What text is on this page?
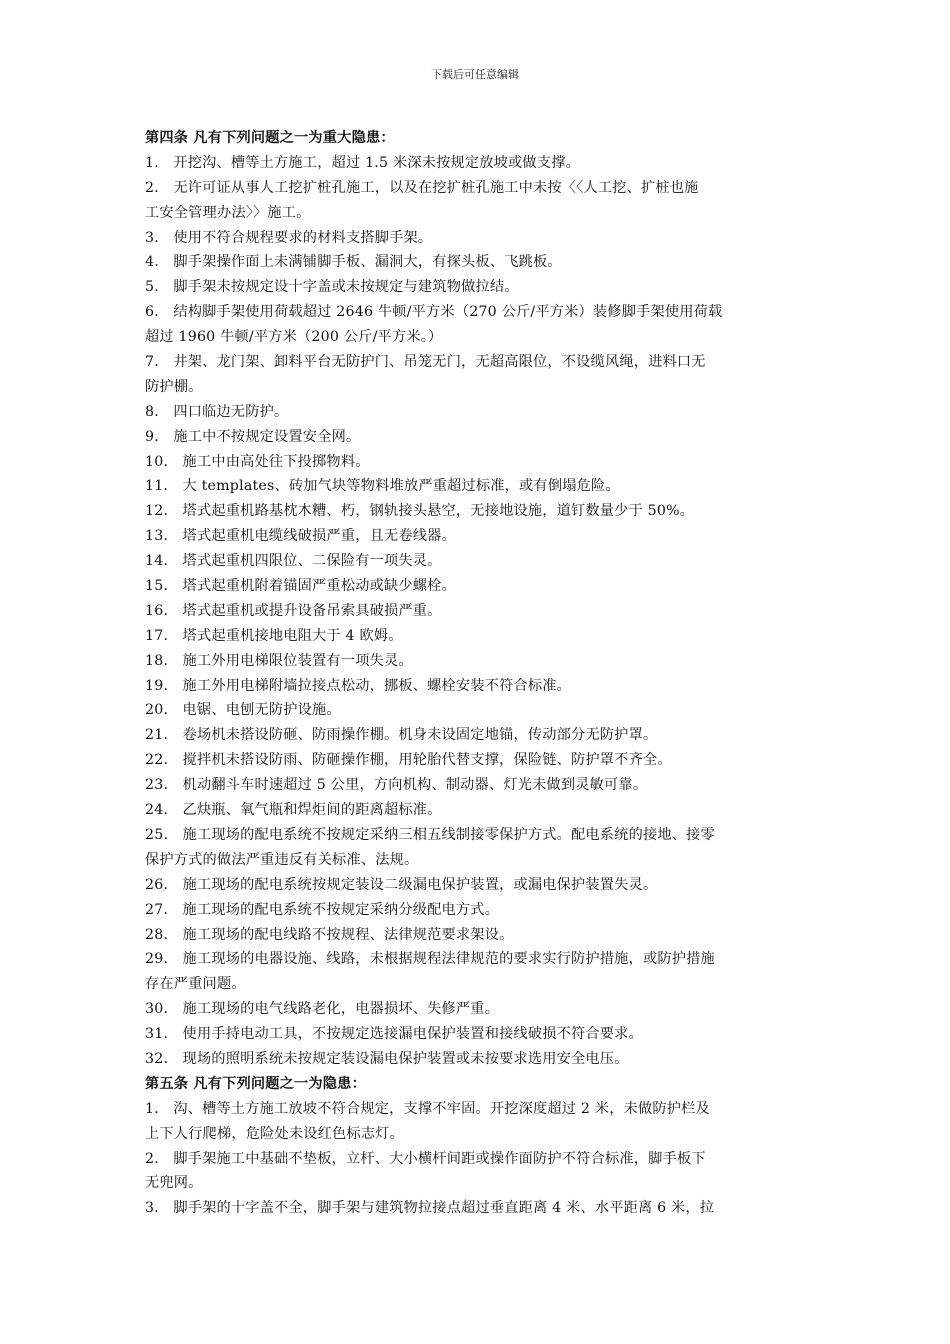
下载后可任意编辑
第四条 凡有下列问题之一为重大隐患：
1． 开挖沟、槽等土方施工，超过 1.5 米深未按规定放坡或做支撑。
2． 无许可证从事人工挖扩桩孔施工，以及在挖扩桩孔施工中未按〈〈人工挖、扩桩也施
工安全管理办法〉〉施工。
3． 使用不符合规程要求的材料支搭脚手架。
4． 脚手架操作面上未满铺脚手板、漏洞大，有探头板、飞跳板。
5． 脚手架未按规定设十字盖或未按规定与建筑物做拉结。
6． 结构脚手架使用荷载超过 2646 牛顿/平方米（270 公斤/平方米）装修脚手架使用荷载
超过 1960 牛顿/平方米（200 公斤/平方米。）
7． 井架、龙门架、卸料平台无防护门、吊笼无门，无超高限位，不设缆风绳，进料口无
防护棚。
8． 四口临边无防护。
9． 施工中不按规定设置安全网。
10． 施工中由高处往下投掷物料。
11． 大 templates、砖加气块等物料堆放严重超过标准，或有倒塌危险。
12． 塔式起重机路基枕木糟、朽，钢轨接头悬空，无接地设施，道钉数量少于 50%。
13． 塔式起重机电缆线破损严重，且无卷线器。
14． 塔式起重机四限位、二保险有一项失灵。
15． 塔式起重机附着锚固严重松动或缺少螺栓。
16． 塔式起重机或提升设备吊索具破损严重。
17． 塔式起重机接地电阻大于 4 欧姆。
18． 施工外用电梯限位装置有一项失灵。
19． 施工外用电梯附墙拉接点松动，挪板、螺栓安装不符合标准。
20． 电锯、电刨无防护设施。
21． 卷场机未搭设防砸、防雨操作棚。机身未设固定地锚，传动部分无防护罩。
22． 搅拌机未搭设防雨、防砸操作棚，用轮胎代替支撑，保险链、防护罩不齐全。
23． 机动翻斗车时速超过 5 公里，方向机构、制动器、灯光未做到灵敏可靠。
24． 乙炔瓶、氧气瓶和焊炬间的距离超标准。
25． 施工现场的配电系统不按规定采纳三相五线制接零保护方式。配电系统的接地、接零
保护方式的做法严重违反有关标准、法规。
26． 施工现场的配电系统按规定装设二级漏电保护装置，或漏电保护装置失灵。
27． 施工现场的配电系统不按规定采纳分级配电方式。
28． 施工现场的配电线路不按规程、法律规范要求架设。
29． 施工现场的电器设施、线路，未根据规程法律规范的要求实行防护措施，或防护措施
存在严重问题。
30． 施工现场的电气线路老化，电器损坏、失修严重。
31． 使用手持电动工具，不按规定选接漏电保护装置和接线破损不符合要求。
32． 现场的照明系统未按规定装设漏电保护装置或未按要求选用安全电压。
第五条 凡有下列问题之一为隐患：
1． 沟、槽等土方施工放坡不符合规定，支撑不牢固。开挖深度超过 2 米，未做防护栏及
上下人行爬梯，危险处未设红色标志灯。
2． 脚手架施工中基础不垫板，立杆、大小横杆间距或操作面防护不符合标准，脚手板下
无兜网。
3． 脚手架的十字盖不全，脚手架与建筑物拉接点超过垂直距离 4 米、水平距离 6 米，拉
